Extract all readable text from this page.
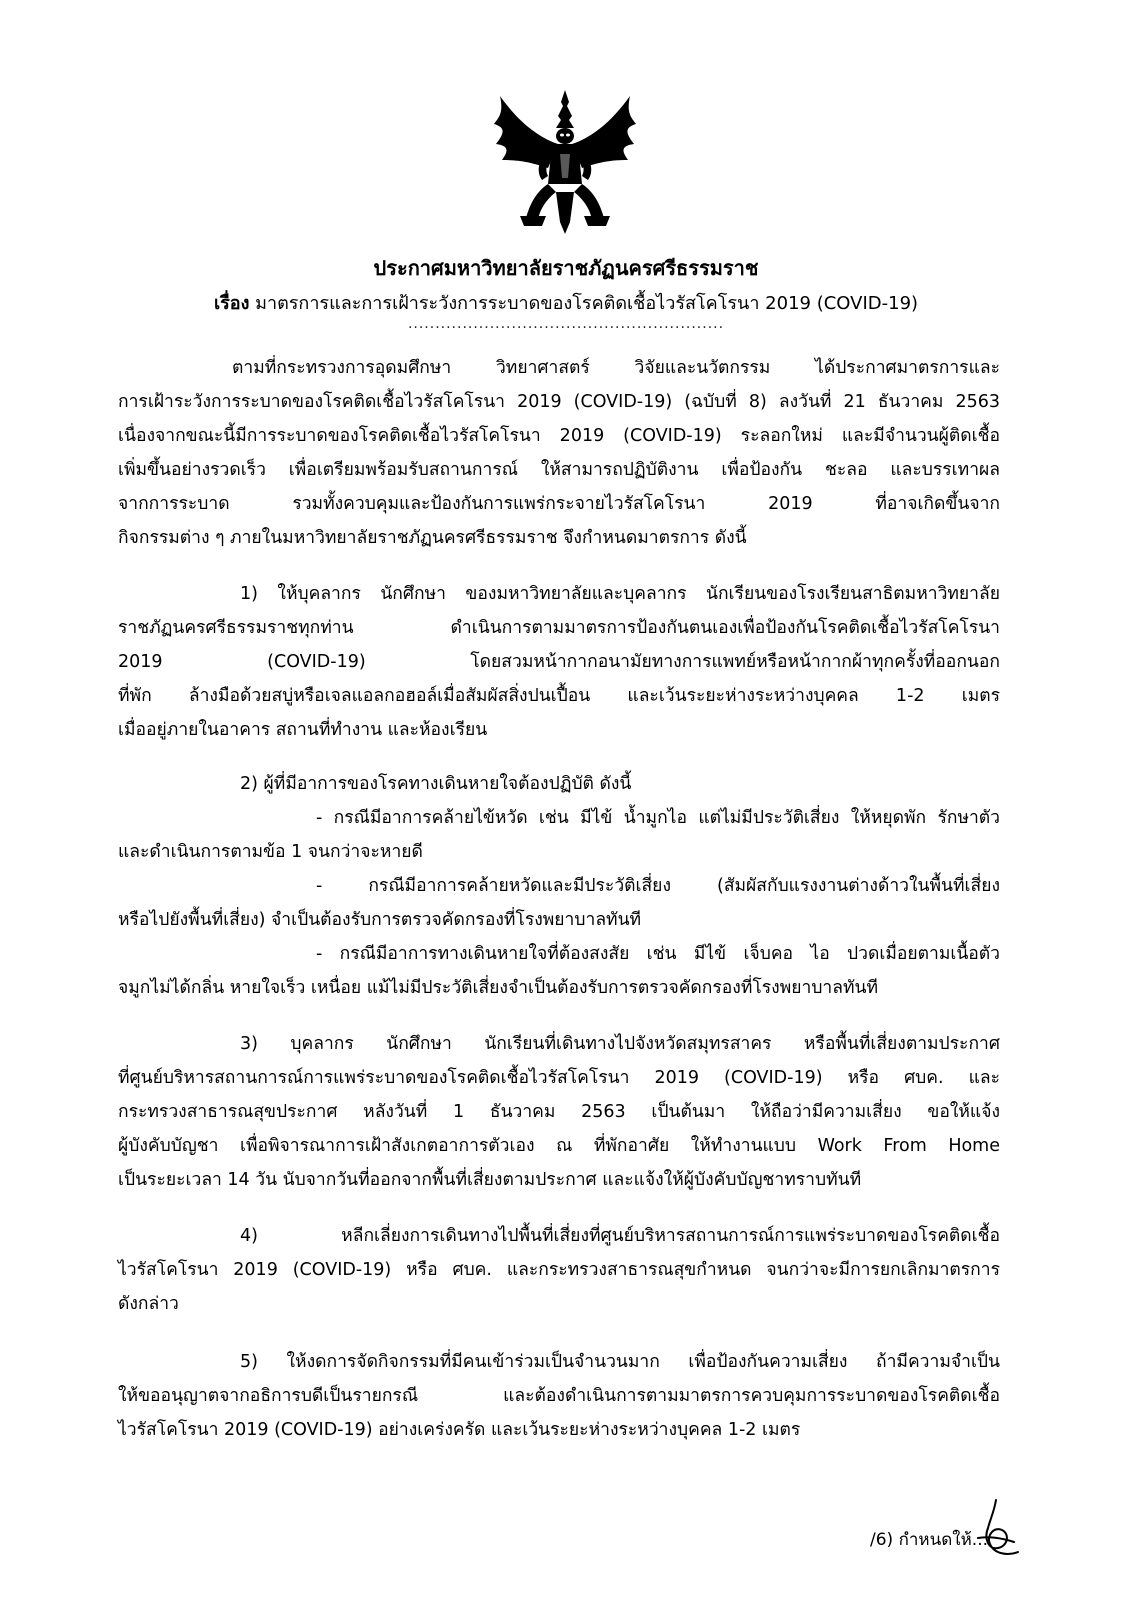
ประกาศมหาวิทยาลัยราชภัฏนครศรีธรรมราช
เรื่อง มาตรการและการเฝ้าระวังการระบาดของโรคติดเชื้อไวรัสโคโรนา 2019 (COVID-19)
..........................................................
ตามที่กระทรวงการอุดมศึกษา วิทยาศาสตร์ วิจัยและนวัตกรรม ได้ประกาศมาตรการและ
การเฝ้าระวังการระบาดของโรคติดเชื้อไวรัสโคโรนา 2019 (COVID-19) (ฉบับที่ 8) ลงวันที่ 21 ธันวาคม 2563
เนื่องจากขณะนี้มีการระบาดของโรคติดเชื้อไวรัสโคโรนา 2019 (COVID-19) ระลอกใหม่ และมีจำนวนผู้ติดเชื้อ
เพิ่มขึ้นอย่างรวดเร็ว เพื่อเตรียมพร้อมรับสถานการณ์ ให้สามารถปฏิบัติงาน เพื่อป้องกัน ชะลอ และบรรเทาผล
จากการระบาด รวมทั้งควบคุมและป้องกันการแพร่กระจายไวรัสโคโรนา 2019 ที่อาจเกิดขึ้นจาก
กิจกรรมต่าง ๆ ภายในมหาวิทยาลัยราชภัฏนครศรีธรรมราช จึงกำหนดมาตรการ ดังนี้
1) ให้บุคลากร นักศึกษา ของมหาวิทยาลัยและบุคลากร นักเรียนของโรงเรียนสาธิตมหาวิทยาลัย
ราชภัฏนครศรีธรรมราชทุกท่าน ดำเนินการตามมาตรการป้องกันตนเองเพื่อป้องกันโรคติดเชื้อไวรัสโคโรนา
2019 (COVID-19) โดยสวมหน้ากากอนามัยทางการแพทย์หรือหน้ากากผ้าทุกครั้งที่ออกนอก
ที่พัก ล้างมือด้วยสบู่หรือเจลแอลกอฮอล์เมื่อสัมผัสสิ่งปนเปื้อน และเว้นระยะห่างระหว่างบุคคล 1-2 เมตร
เมื่ออยู่ภายในอาคาร สถานที่ทำงาน และห้องเรียน
2) ผู้ที่มีอาการของโรคทางเดินหายใจต้องปฏิบัติ ดังนี้
- กรณีมีอาการคล้ายไข้หวัด เช่น มีไข้ น้ำมูกไอ แต่ไม่มีประวัติเสี่ยง ให้หยุดพัก รักษาตัว
และดำเนินการตามข้อ 1 จนกว่าจะหายดี
- กรณีมีอาการคล้ายหวัดและมีประวัติเสี่ยง (สัมผัสกับแรงงานต่างด้าวในพื้นที่เสี่ยง
หรือไปยังพื้นที่เสี่ยง) จำเป็นต้องรับการตรวจคัดกรองที่โรงพยาบาลทันที
- กรณีมีอาการทางเดินหายใจที่ต้องสงสัย เช่น มีไข้ เจ็บคอ ไอ ปวดเมื่อยตามเนื้อตัว
จมูกไม่ได้กลิ่น หายใจเร็ว เหนื่อย แม้ไม่มีประวัติเสี่ยงจำเป็นต้องรับการตรวจคัดกรองที่โรงพยาบาลทันที
3) บุคลากร นักศึกษา นักเรียนที่เดินทางไปจังหวัดสมุทรสาคร หรือพื้นที่เสี่ยงตามประกาศ
ที่ศูนย์บริหารสถานการณ์การแพร่ระบาดของโรคติดเชื้อไวรัสโคโรนา 2019 (COVID-19) หรือ ศบค. และ
กระทรวงสาธารณสุขประกาศ หลังวันที่ 1 ธันวาคม 2563 เป็นต้นมา ให้ถือว่ามีความเสี่ยง ขอให้แจ้ง
ผู้บังคับบัญชา เพื่อพิจารณาการเฝ้าสังเกตอาการตัวเอง ณ ที่พักอาศัย ให้ทำงานแบบ Work From Home
เป็นระยะเวลา 14 วัน นับจากวันที่ออกจากพื้นที่เสี่ยงตามประกาศ และแจ้งให้ผู้บังคับบัญชาทราบทันที
4) หลีกเลี่ยงการเดินทางไปพื้นที่เสี่ยงที่ศูนย์บริหารสถานการณ์การแพร่ระบาดของโรคติดเชื้อ
ไวรัสโคโรนา 2019 (COVID-19) หรือ ศบค. และกระทรวงสาธารณสุขกำหนด จนกว่าจะมีการยกเลิกมาตรการ
ดังกล่าว
5) ให้งดการจัดกิจกรรมที่มีคนเข้าร่วมเป็นจำนวนมาก เพื่อป้องกันความเสี่ยง ถ้ามีความจำเป็น
ให้ขออนุญาตจากอธิการบดีเป็นรายกรณี และต้องดำเนินการตามมาตรการควบคุมการระบาดของโรคติดเชื้อ
ไวรัสโคโรนา 2019 (COVID-19) อย่างเคร่งครัด และเว้นระยะห่างระหว่างบุคคล 1-2 เมตร
/6) กำหนดให้...
